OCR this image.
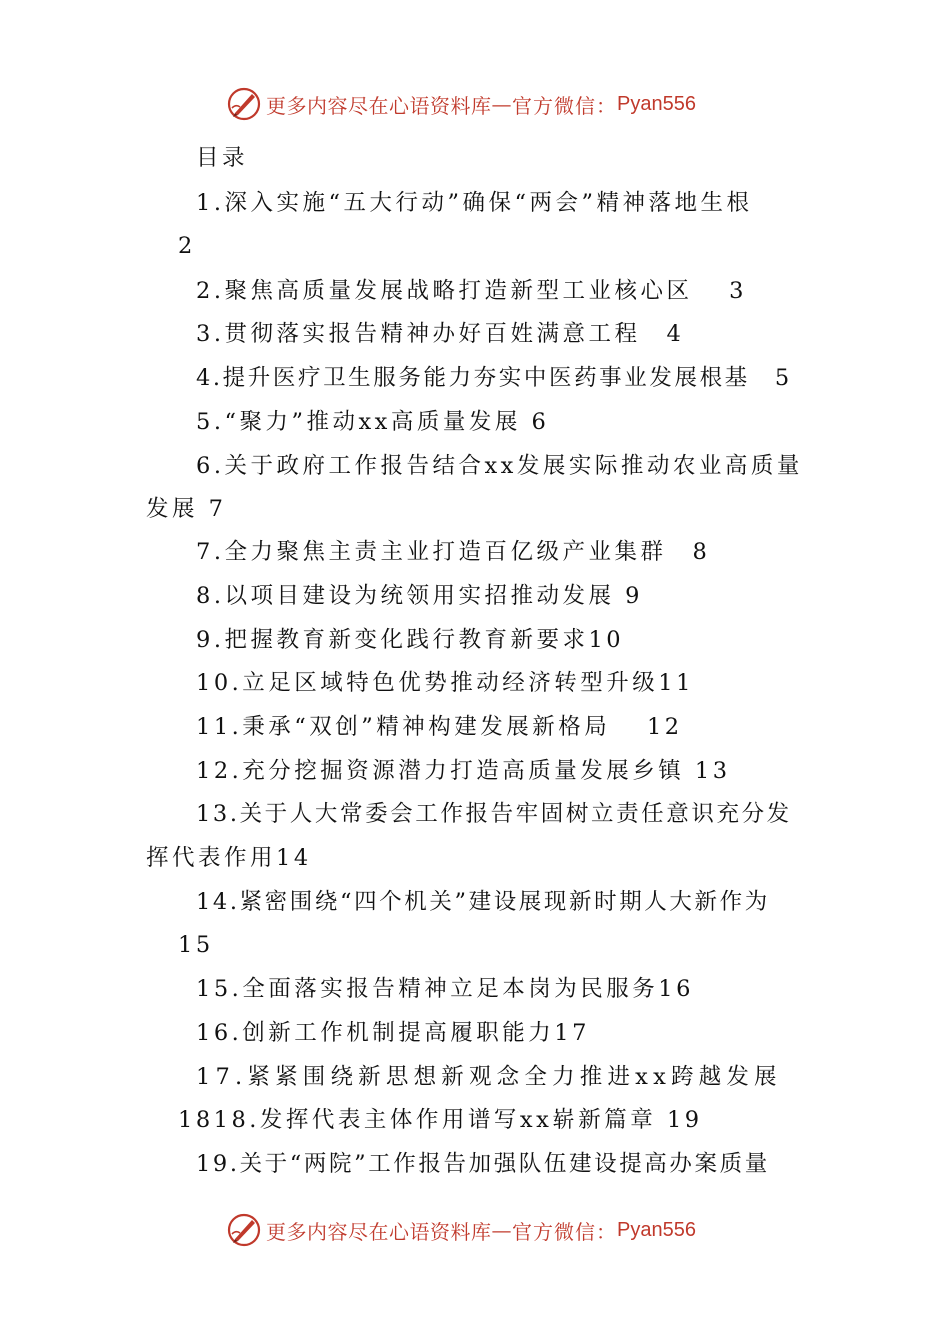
更多内容尽在心语资料库 — 官方微信： Pyan556
目录
1.深入实施“五大行动”确保“两会”精神落地生根
2
2.聚焦高质量发展战略打造新型工业核心区　 3
3.贯彻落实报告精神办好百姓满意工程　4
4.提升医疗卫生服务能力夯实中医药事业发展根基　5
5.“聚力”推动xx高质量发展 6
6.关于政府工作报告结合xx发展实际推动农业高质量
发展 7
7.全力聚焦主责主业打造百亿级产业集群　8
8.以项目建设为统领用实招推动发展 9
9.把握教育新变化践行教育新要求10
10.立足区域特色优势推动经济转型升级11
11.秉承“双创”精神构建发展新格局　 12
12.充分挖掘资源潜力打造高质量发展乡镇 13
13.关于人大常委会工作报告牢固树立责任意识充分发
挥代表作用14
14.紧密围绕“四个机关”建设展现新时期人大新作为
15
15.全面落实报告精神立足本岗为民服务16
16.创新工作机制提高履职能力17
17.紧紧围绕新思想新观念全力推进xx跨越发展
1818.发挥代表主体作用谱写xx崭新篇章 19
19.关于“两院”工作报告加强队伍建设提高办案质量
更多内容尽在心语资料库 — 官方微信： Pyan556
